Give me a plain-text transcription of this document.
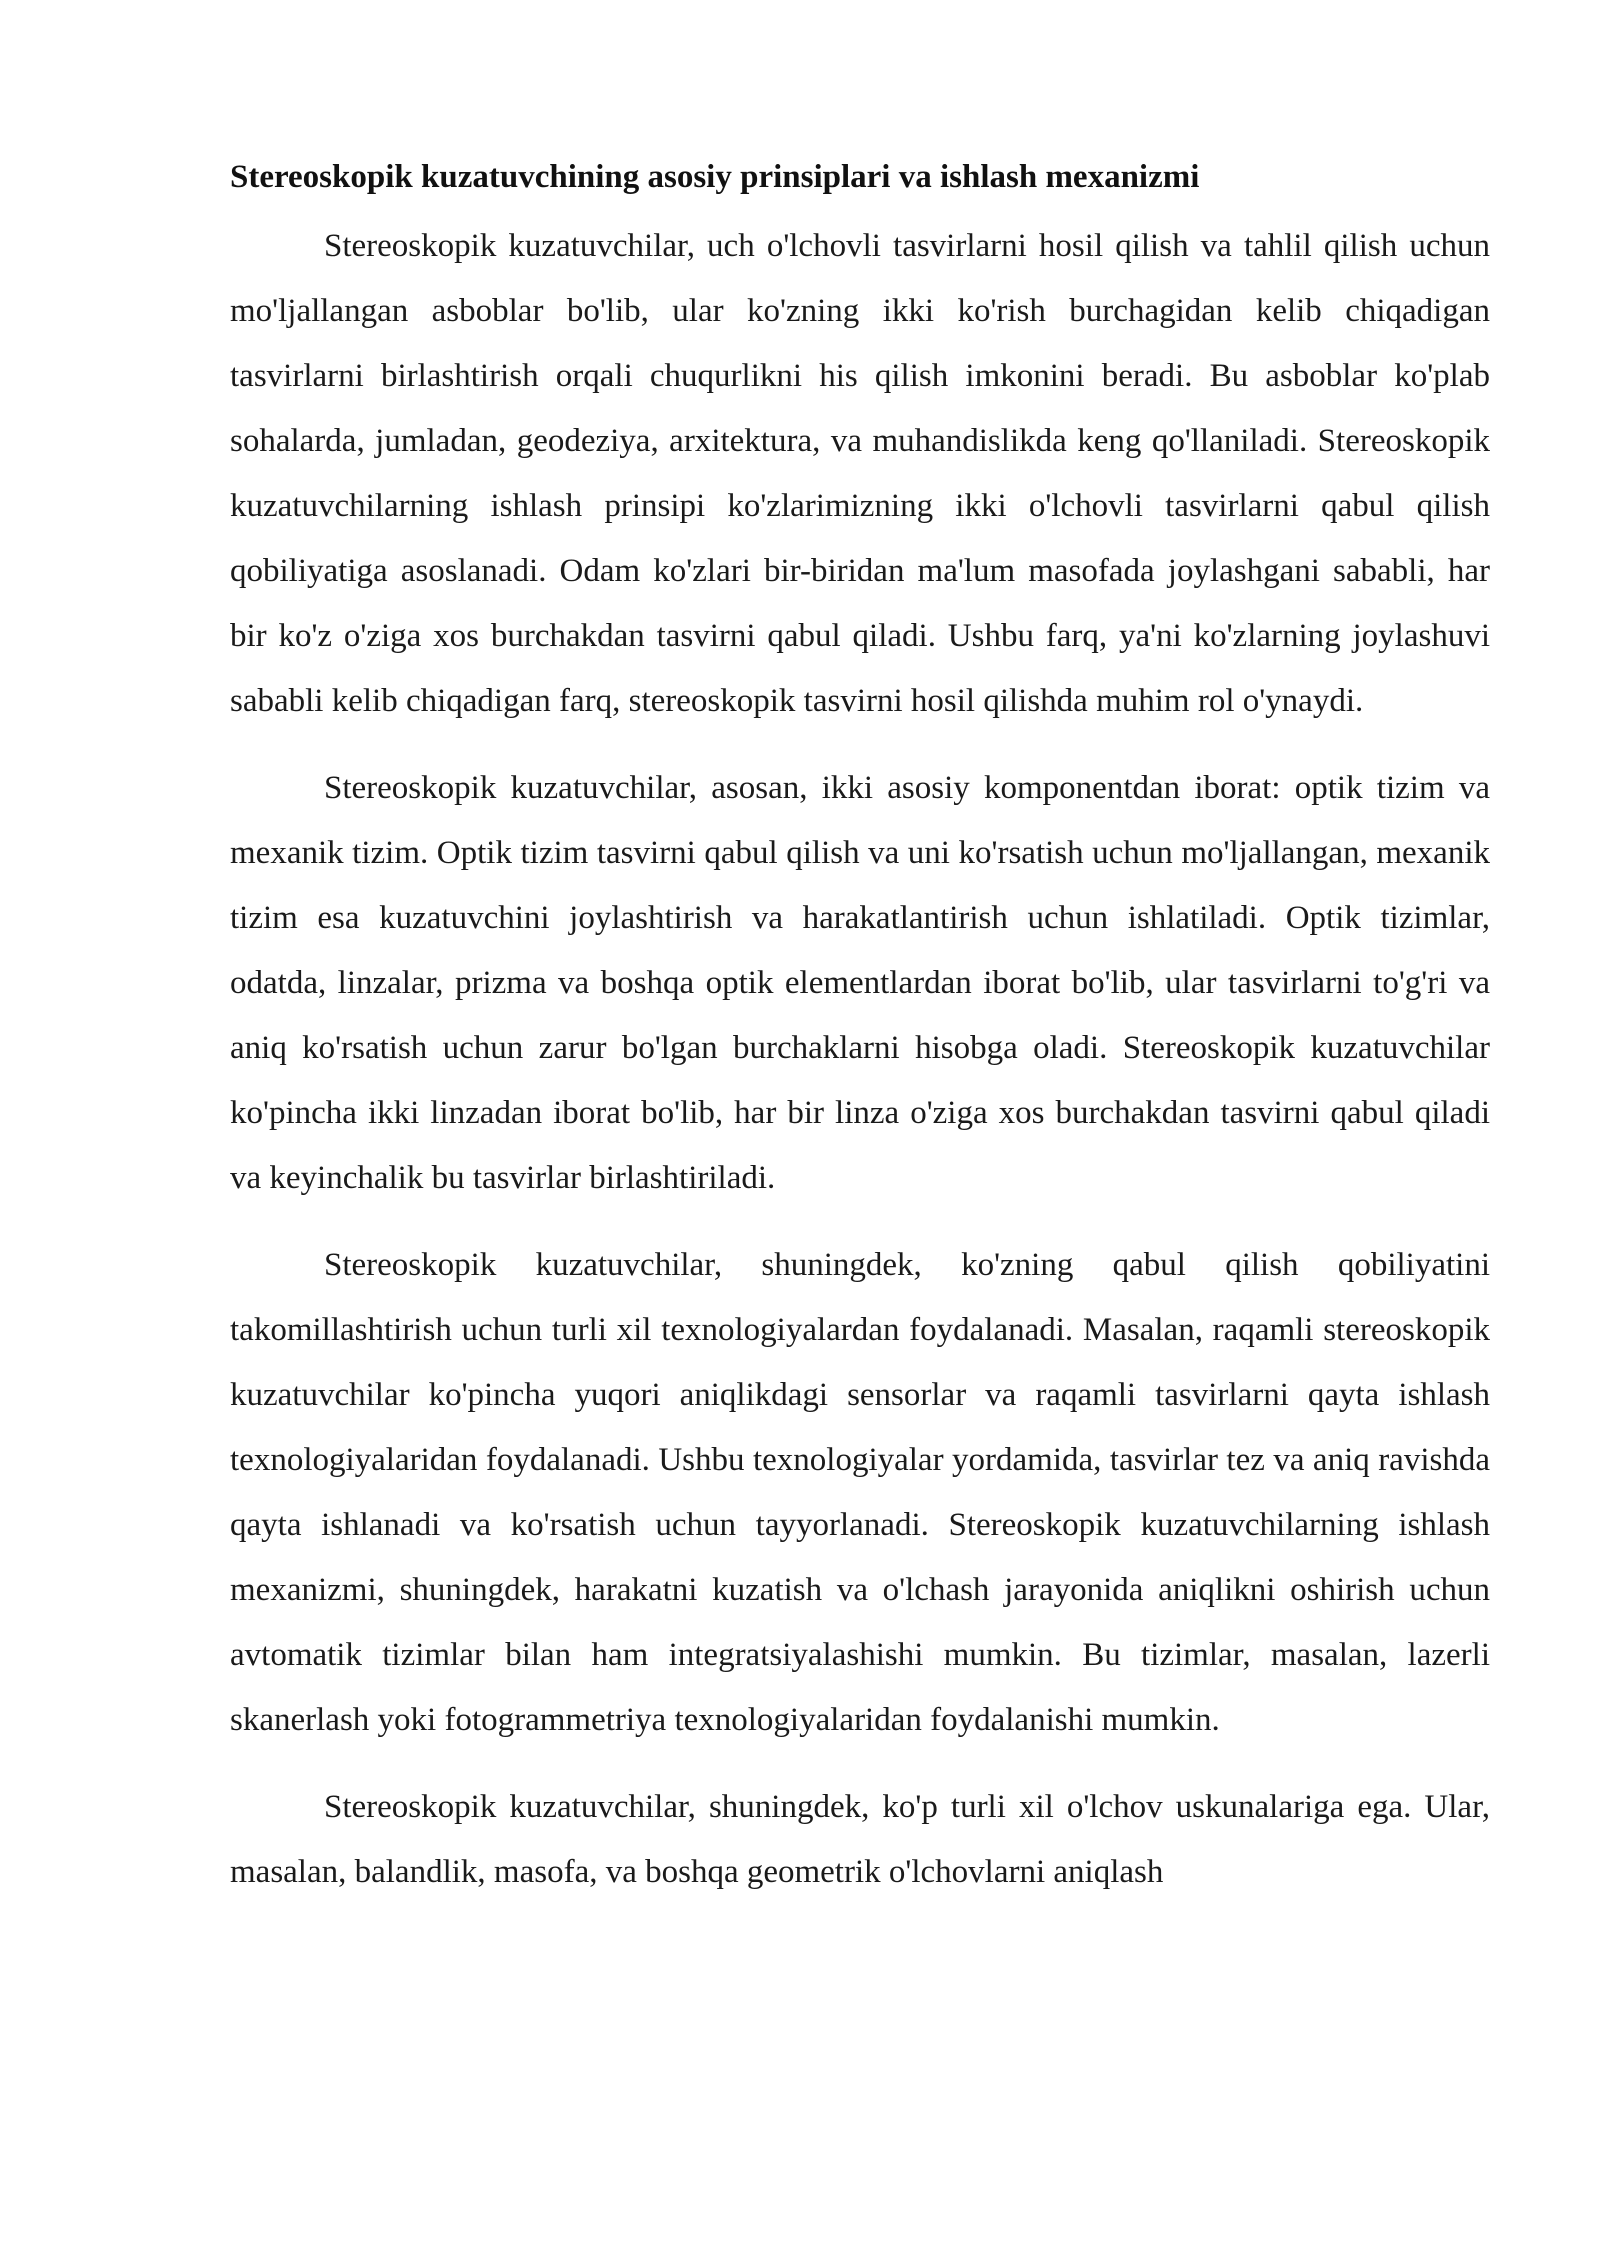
Stereoskopik kuzatuvchining asosiy prinsiplari va ishlash mexanizmi

Stereoskopik kuzatuvchilar, uch o'lchovli tasvirlarni hosil qilish va tahlil qilish uchun mo'ljallangan asboblar bo'lib, ular ko'zning ikki ko'rish burchagidan kelib chiqadigan tasvirlarni birlashtirish orqali chuqurlikni his qilish imkonini beradi. Bu asboblar ko'plab sohalarda, jumladan, geodeziya, arxitektura, va muhandislikda keng qo'llaniladi. Stereoskopik kuzatuvchilarning ishlash prinsipi ko'zlarimizning ikki o'lchovli tasvirlarni qabul qilish qobiliyatiga asoslanadi. Odam ko'zlari bir-biridan ma'lum masofada joylashgani sababli, har bir ko'z o'ziga xos burchakdan tasvirni qabul qiladi. Ushbu farq, ya'ni ko'zlarning joylashuvi sababli kelib chiqadigan farq, stereoskopik tasvirni hosil qilishda muhim rol o'ynaydi.

Stereoskopik kuzatuvchilar, asosan, ikki asosiy komponentdan iborat: optik tizim va mexanik tizim. Optik tizim tasvirni qabul qilish va uni ko'rsatish uchun mo'ljallangan, mexanik tizim esa kuzatuvchini joylashtirish va harakatlantirish uchun ishlatiladi. Optik tizimlar, odatda, linzalar, prizma va boshqa optik elementlardan iborat bo'lib, ular tasvirlarni to'g'ri va aniq ko'rsatish uchun zarur bo'lgan burchaklarni hisobga oladi. Stereoskopik kuzatuvchilar ko'pincha ikki linzadan iborat bo'lib, har bir linza o'ziga xos burchakdan tasvirni qabul qiladi va keyinchalik bu tasvirlar birlashtiriladi.

Stereoskopik kuzatuvchilar, shuningdek, ko'zning qabul qilish qobiliyatini takomillashtirish uchun turli xil texnologiyalardan foydalanadi. Masalan, raqamli stereoskopik kuzatuvchilar ko'pincha yuqori aniqlikdagi sensorlar va raqamli tasvirlarni qayta ishlash texnologiyalaridan foydalanadi. Ushbu texnologiyalar yordamida, tasvirlar tez va aniq ravishda qayta ishlanadi va ko'rsatish uchun tayyorlanadi. Stereoskopik kuzatuvchilarning ishlash mexanizmi, shuningdek, harakatni kuzatish va o'lchash jarayonida aniqlikni oshirish uchun avtomatik tizimlar bilan ham integratsiyalashishi mumkin. Bu tizimlar, masalan, lazerli skanerlash yoki fotogrammetriya texnologiyalaridan foydalanishi mumkin.

Stereoskopik kuzatuvchilar, shuningdek, ko'p turli xil o'lchov uskunalariga ega. Ular, masalan, balandlik, masofa, va boshqa geometrik o'lchovlarni aniqlash
